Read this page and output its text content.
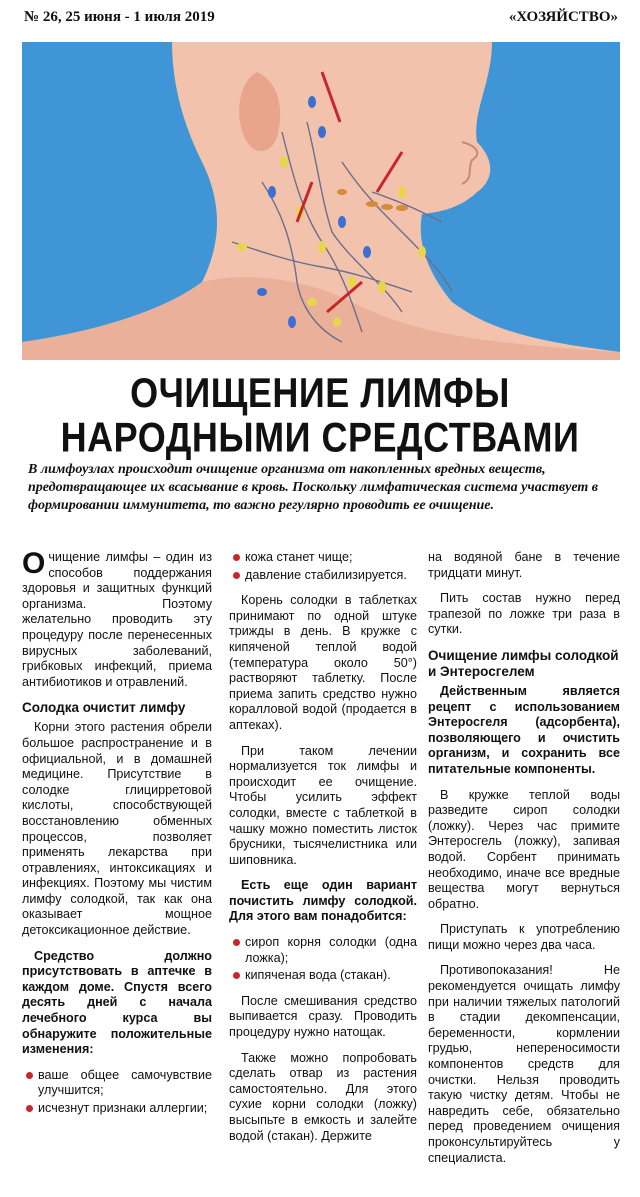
№ 26, 25 июня - 1 июля 2019	«ХОЗЯЙСТВО»
ОЧИЩЕНИЕ ЛИМФЫ
НАРОДНЫМИ СРЕДСТВАМИ
В лимфоузлах происходит очищение организма от накопленных вредных веществ, предотвращающее их всасывание в кровь. Поскольку лимфатическая система участвует в формировании иммунитета, то важно регулярно проводить ее очищение.

Очищение лимфы – один из способов поддержания здоровья и защитных функций организма. Поэтому желательно проводить эту процедуру после перенесенных вирусных заболеваний, грибковых инфекций, приема антибиотиков и отравлений.

Солодка очистит лимфу

Корни этого растения обрели большое распространение и в официальной, и в домашней медицине. Присутствие в солодке глицирретовой кислоты, способствующей восстановлению обменных процессов, позволяет применять лекарства при отравлениях, интоксикациях и инфекциях. Поэтому мы чистим лимфу солодкой, так как она оказывает мощное детоксикационное действие.

Средство должно присутствовать в аптечке в каждом доме. Спустя всего десять дней с начала лечебного курса вы обнаружите положительные изменения:

ваше общее самочувствие улучшится;
исчезнут признаки аллергии;
кожа станет чище;
давление стабилизируется.

Корень солодки в таблетках принимают по одной штуке трижды в день. В кружке с кипяченой теплой водой (температура около 50°) растворяют таблетку. После приема запить средство нужно коралловой водой (продается в аптеках).

При таком лечении нормализуется ток лимфы и происходит ее очищение. Чтобы усилить эффект солодки, вместе с таблеткой в чашку можно поместить листок брусники, тысячелистника или шиповника.

Есть еще один вариант почистить лимфу солодкой. Для этого вам понадобится:

сироп корня солодки (одна ложка);
кипяченая вода (стакан).

После смешивания средство выпивается сразу. Проводить процедуру нужно натощак.

Также можно попробовать сделать отвар из растения самостоятельно. Для этого сухие корни солодки (ложку) высыпьте в емкость и залейте водой (стакан). Держите

на водяной бане в течение тридцати минут.

Пить состав нужно перед трапезой по ложке три раза в сутки.

Очищение лимфы солодкой и Энтеросгелем

Действенным является рецепт с использованием Энтеросгеля (адсорбента), позволяющего и очистить организм, и сохранить все питательные компоненты.

В кружке теплой воды разведите сироп солодки (ложку). Через час примите Энтеросгель (ложку), запивая водой. Сорбент принимать необходимо, иначе все вредные вещества могут вернуться обратно.

Приступать к употреблению пищи можно через два часа.

Противопоказания! Не рекомендуется очищать лимфу при наличии тяжелых патологий в стадии декомпенсации, беременности, кормлении грудью, непереносимости компонентов средств для очистки. Нельзя проводить такую чистку детям. Чтобы не навредить себе, обязательно перед проведением очищения проконсультируйтесь у специалиста.
